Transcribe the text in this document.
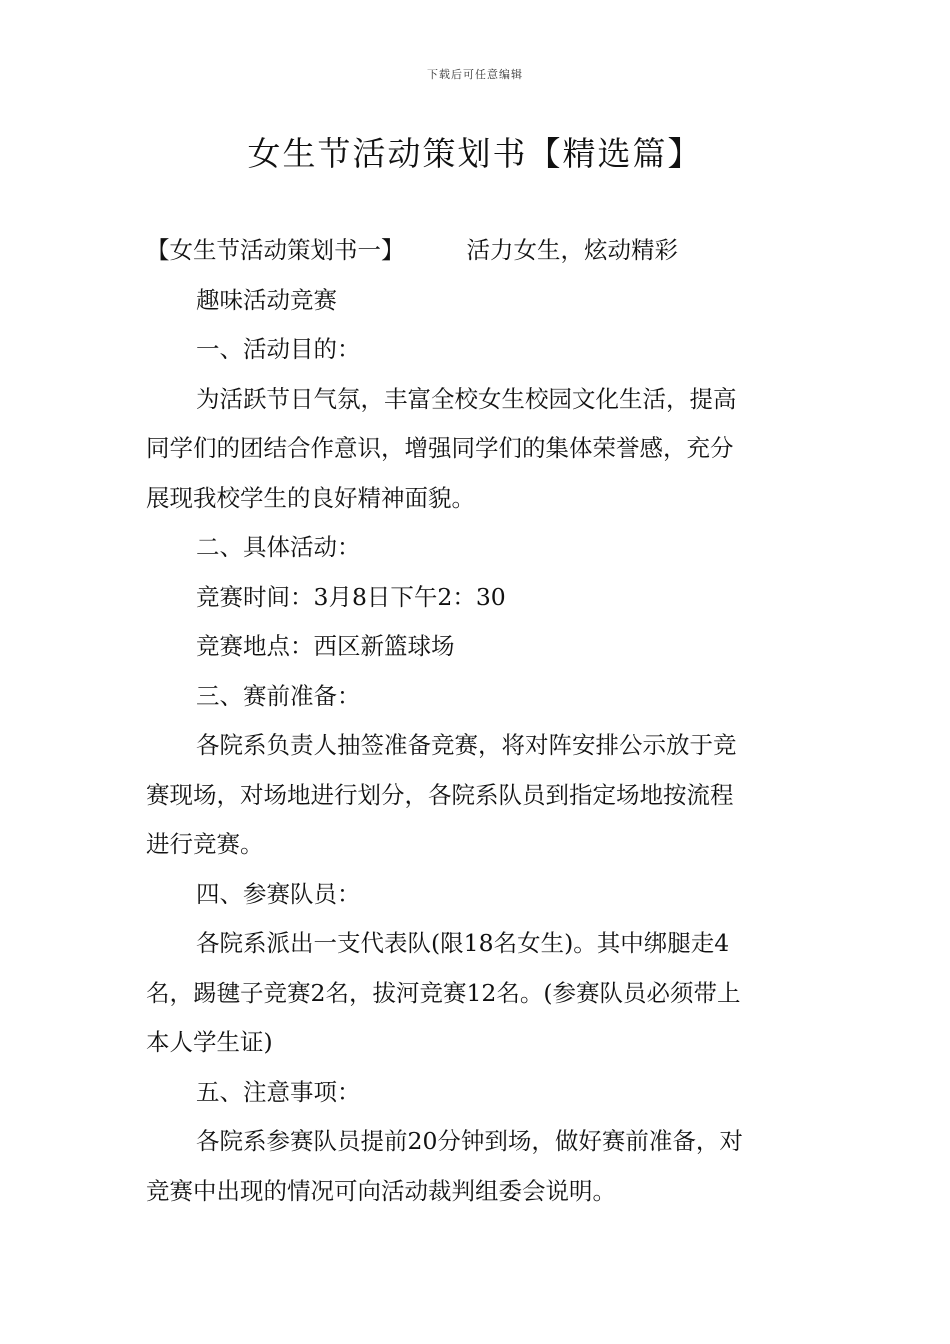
下载后可任意编辑
女生节活动策划书【精选篇】
【女生节活动策划书一】	活力女生，炫动精彩
趣味活动竞赛
一、活动目的：
为活跃节日气氛，丰富全校女生校园文化生活，提高
同学们的团结合作意识，增强同学们的集体荣誉感，充分
展现我校学生的良好精神面貌。
二、具体活动：
竞赛时间：3月8日下午2：30
竞赛地点：西区新篮球场
三、赛前准备：
各院系负责人抽签准备竞赛，将对阵安排公示放于竞
赛现场，对场地进行划分，各院系队员到指定场地按流程
进行竞赛。
四、参赛队员：
各院系派出一支代表队(限18名女生)。其中绑腿走4
名，踢毽子竞赛2名，拔河竞赛12名。(参赛队员必须带上
本人学生证)
五、注意事项：
各院系参赛队员提前20分钟到场，做好赛前准备，对
竞赛中出现的情况可向活动裁判组委会说明。
